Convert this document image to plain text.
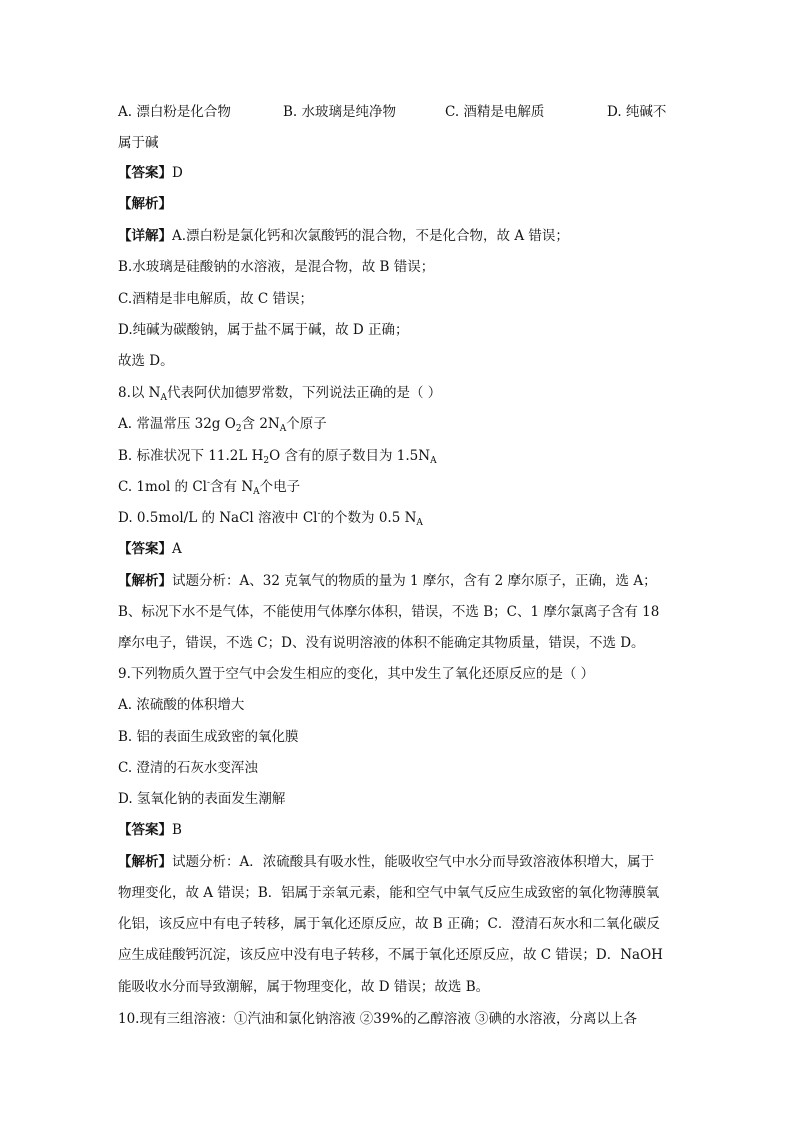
A. 漂白粉是化合物	B. 水玻璃是纯净物	C. 酒精是电解质	D. 纯碱不
属于碱
【答案】D
【解析】
【详解】A.漂白粉是氯化钙和次氯酸钙的混合物，不是化合物，故 A 错误；
B.水玻璃是硅酸钠的水溶液，是混合物，故 B 错误；
C.酒精是非电解质，故 C 错误；
D.纯碱为碳酸钠，属于盐不属于碱，故 D 正确；
故选 D。
8.以 $N_A$代表阿伏加德罗常数，下列说法正确的是（ ）
A. 常温常压 32g $O_2$含 $2N_A$个原子
B. 标准状况下 11.2L $H_2O$ 含有的原子数目为 $1.5N_A$
C. 1mol 的 Cl-含有 $N_A$个电子
D. 0.5mol/L 的 NaCl 溶液中 Cl-的个数为 0.5 $N_A$
【答案】A
【解析】试题分析：A、32 克氧气的物质的量为 1 摩尔，含有 2 摩尔原子，正确，选 A；
B、标况下水不是气体，不能使用气体摩尔体积，错误，不选 B；C、1 摩尔氯离子含有 18
摩尔电子，错误，不选 C；D、没有说明溶液的体积不能确定其物质量，错误，不选 D。
9.下列物质久置于空气中会发生相应的变化，其中发生了氧化还原反应的是（ ）
A. 浓硫酸的体积增大
B. 铝的表面生成致密的氧化膜
C. 澄清的石灰水变浑浊
D. 氢氧化钠的表面发生潮解
【答案】B
【解析】试题分析：A．浓硫酸具有吸水性，能吸收空气中水分而导致溶液体积增大，属于
物理变化，故 A 错误；B．铝属于亲氧元素，能和空气中氧气反应生成致密的氧化物薄膜氧
化铝，该反应中有电子转移，属于氧化还原反应，故 B 正确；C．澄清石灰水和二氧化碳反
应生成硅酸钙沉淀，该反应中没有电子转移，不属于氧化还原反应，故 C 错误；D．NaOH
能吸收水分而导致潮解，属于物理变化，故 D 错误；故选 B。
10.现有三组溶液：①汽油和氯化钠溶液 ②39%的乙醇溶液 ③碘的水溶液，分离以上各
